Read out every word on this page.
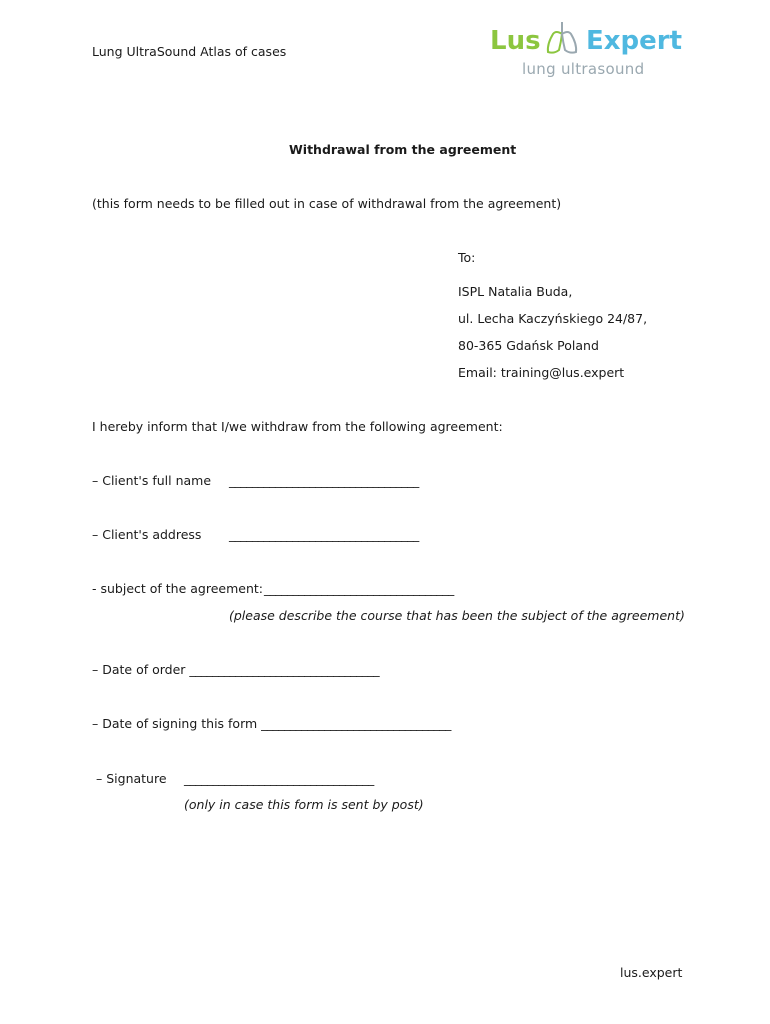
Lung UltraSound Atlas of cases	Lus Expert
lung ultrasound
Withdrawal from the agreement
(this form needs to be filled out in case of withdrawal from the agreement)
To:
ISPL Natalia Buda,
ul. Lecha Kaczyńskiego 24/87,
80-365 Gdańsk Poland
Email: training@lus.expert
I hereby inform that I/we withdraw from the following agreement:
– Client's full name _________________________________
– Client's address _________________________________
- subject of the agreement: _________________________________
(please describe the course that has been the subject of the agreement)
– Date of order _________________________________
– Date of signing this form _________________________________
– Signature _________________________________
(only in case this form is sent by post)
lus.expert
